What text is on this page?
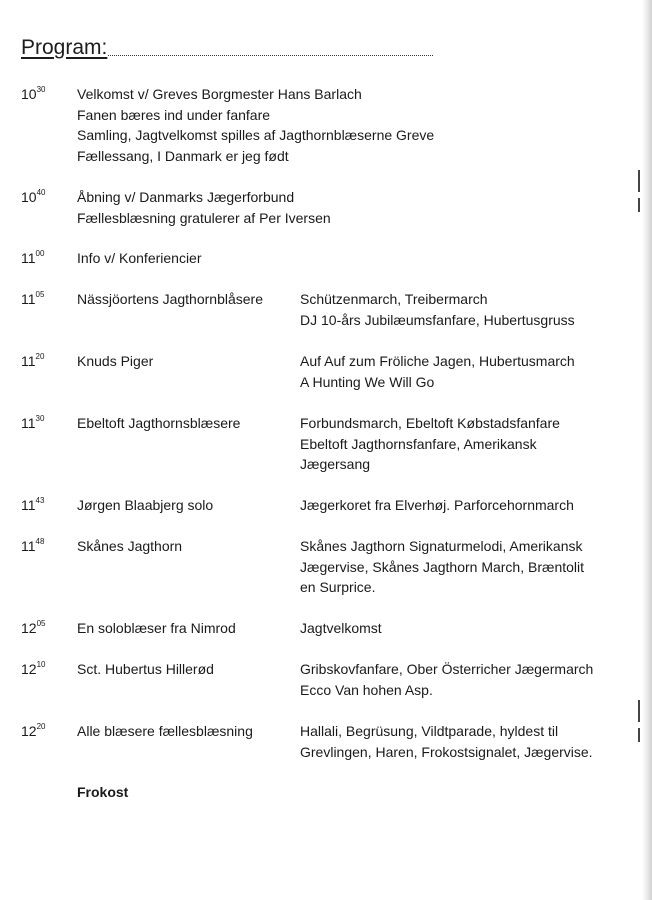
Program:
$10^{30}$ Velkomst v/ Greves Borgmester Hans Barlach
Fanen bæres ind under fanfare
Samling, Jagtvelkomst spilles af Jagthornblæserne Greve
Fællessang, I Danmark er jeg født
$10^{40}$ Åbning v/ Danmarks Jægerforbund
Fællesblæsning gratulerer af Per Iversen
$11^{00}$ Info v/ Konferiencier
$11^{05}$ Nässjöortens Jagthornblåsere	Schützenmarch, Treibermarch
DJ 10-års Jubilæumsfanfare, Hubertusgruss
$11^{20}$ Knuds Piger	Auf Auf zum Fröliche Jagen, Hubertusmarch
A Hunting We Will Go
$11^{30}$ Ebeltoft Jagthornsblæsere	Forbundsmarch, Ebeltoft Købstadsfanfare
Ebeltoft Jagthornsfanfare, Amerikansk
Jægersang
$11^{43}$ Jørgen Blaabjerg solo	Jægerkoret fra Elverhøj. Parforcehornmarch
$11^{48}$ Skånes Jagthorn	Skånes Jagthorn Signaturmelodi, Amerikansk
Jægervise, Skånes Jagthorn March, Bræntolit
en Surprice.
$12^{05}$ En soloblæser fra Nimrod	Jagtvelkomst
$12^{10}$ Sct. Hubertus Hillerød	Gribskovfanfare, Ober Österricher Jægermarch
Ecco Van hohen Asp.
$12^{20}$ Alle blæsere fællesblæsning	Hallali, Begrüsung, Vildtparade, hyldest til
Grevlingen, Haren, Frokostsignalet, Jægervise.
Frokost
